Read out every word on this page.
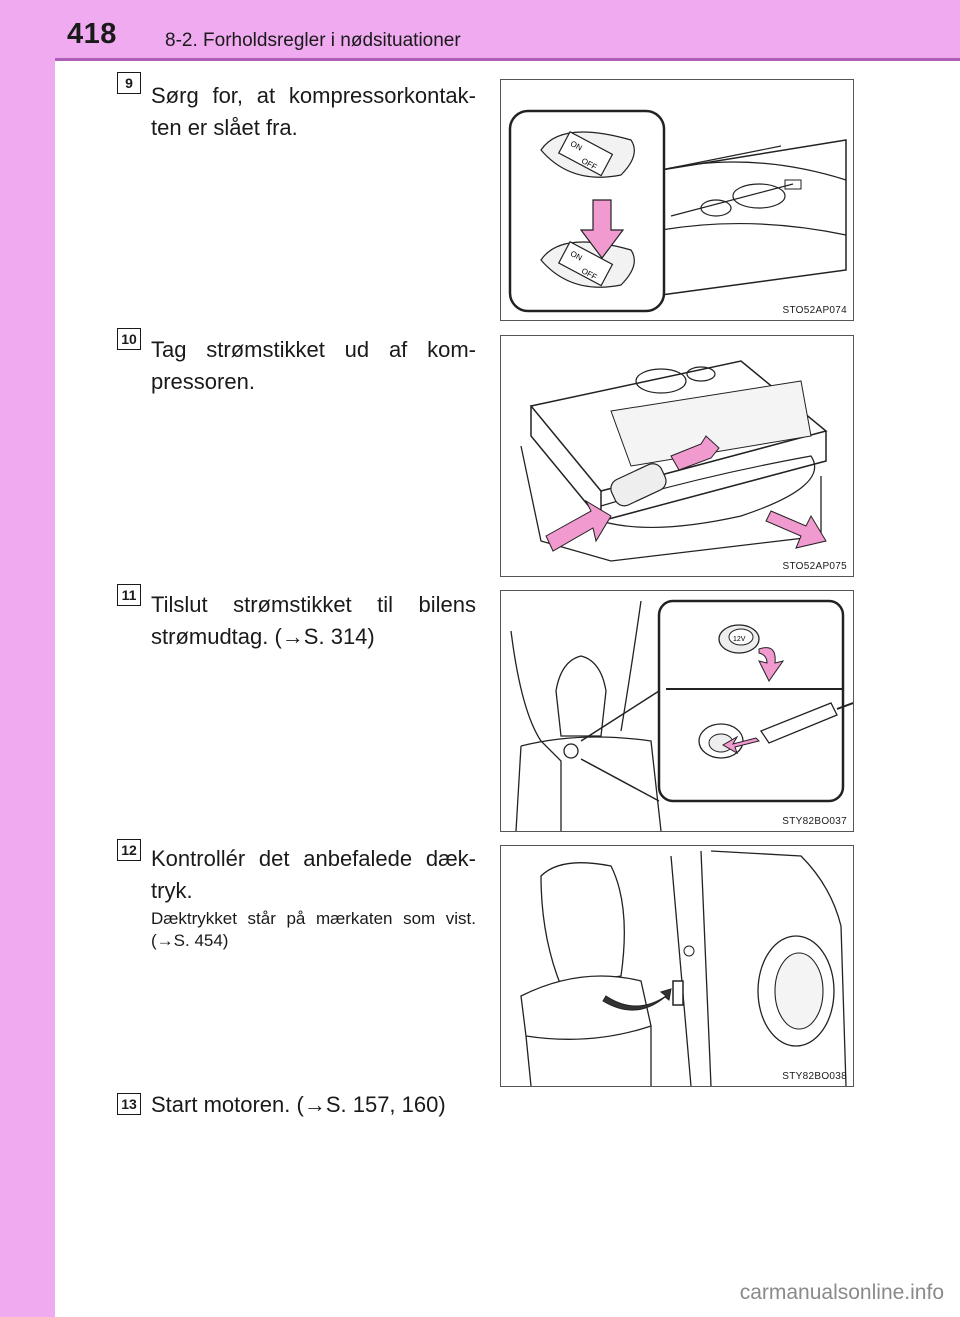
418	8-2. Forholdsregler i nødsituationer
9 Sørg for, at kompressorkontak-ten er slået fra.
ON
OFF
ON
OFF
STO52AP074
10 Tag strømstikket ud af kom-pressoren.
STO52AP075
11 Tilslut strømstikket til bilens strømudtag. (→S. 314)	12V
STY82BO037
12 Kontrollér det anbefalede dæk-tryk.
Dæktrykket står på mærkaten som vist. (→S. 454)
STY82BO038
13 Start motoren. (→S. 157, 160)
carmanualsonline.info
